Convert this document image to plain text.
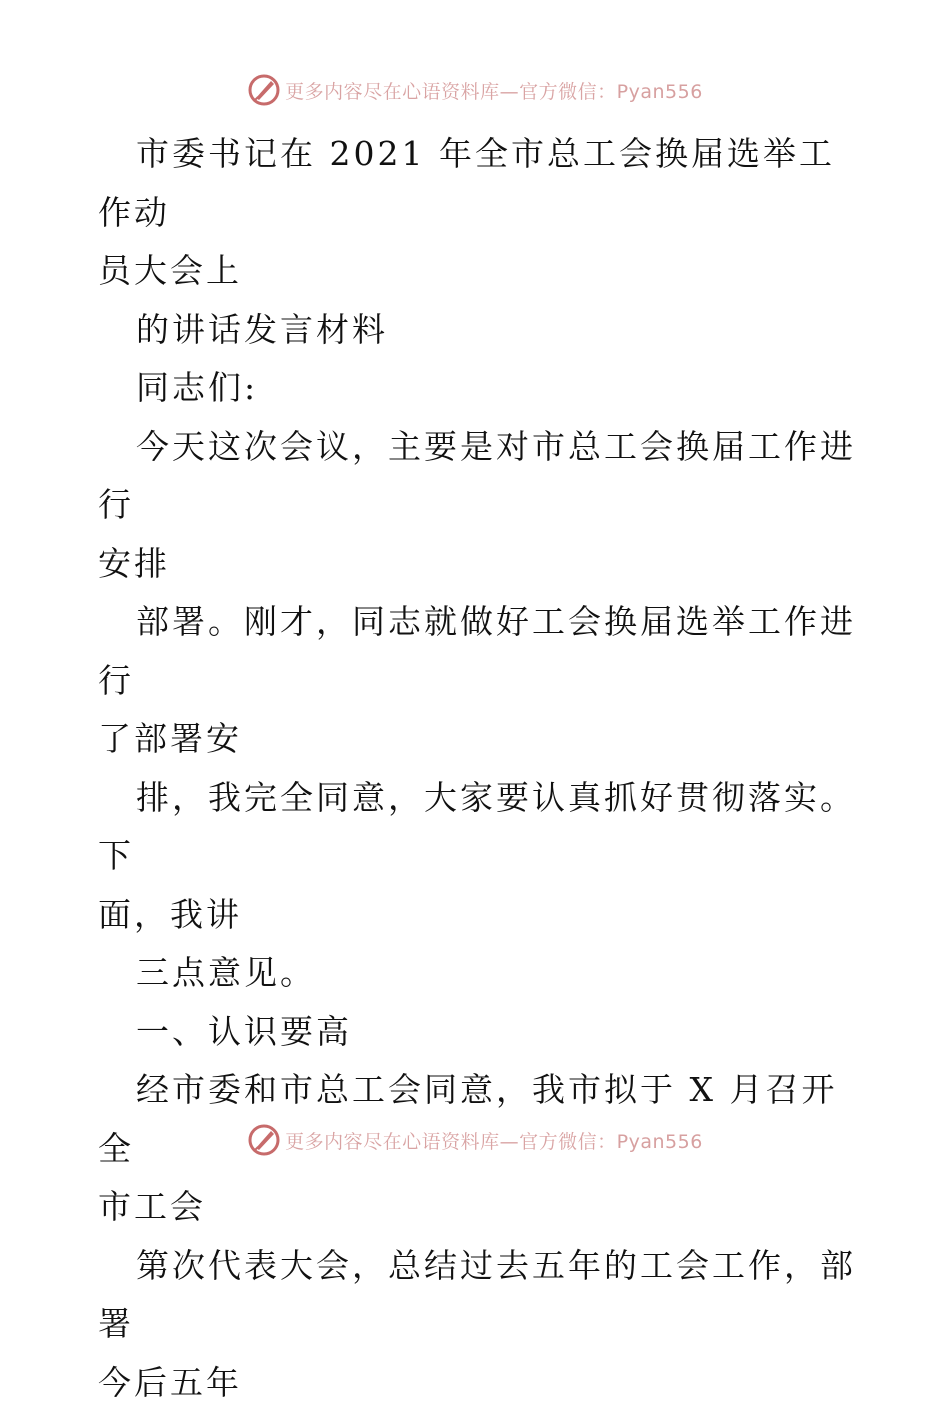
更多内容尽在心语资料库—官方微信：Pyan556

市委书记在 2021 年全市总工会换届选举工作动
员大会上

的讲话发言材料

同志们:

今天这次会议，主要是对市总工会换届工作进行
安排

部署。刚才，同志就做好工会换届选举工作进行
了部署安

排，我完全同意，大家要认真抓好贯彻落实。下
面，我讲

三点意见。

一、认识要高

经市委和市总工会同意，我市拟于 X 月召开全
市工会

第次代表大会，总结过去五年的工会工作，部署
今后五年

更多内容尽在心语资料库—官方微信：Pyan556
